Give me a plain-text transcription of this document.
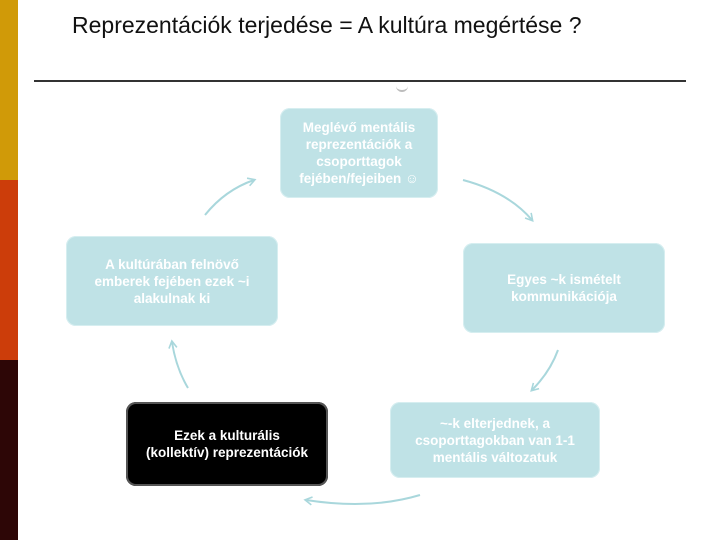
Reprezentációk terjedése = A kultúra megértése ?
Meglévő mentális
reprezentációk a
csoporttagok
fejében/fejeiben ☺
Egyes ~k ismételt
kommunikációja
~-k elterjednek, a
csoporttagokban van 1-1
mentális változatuk
Ezek a kulturális
(kollektív) reprezentációk
A kultúrában felnövő
emberek fejében ezek ~i
alakulnak ki
